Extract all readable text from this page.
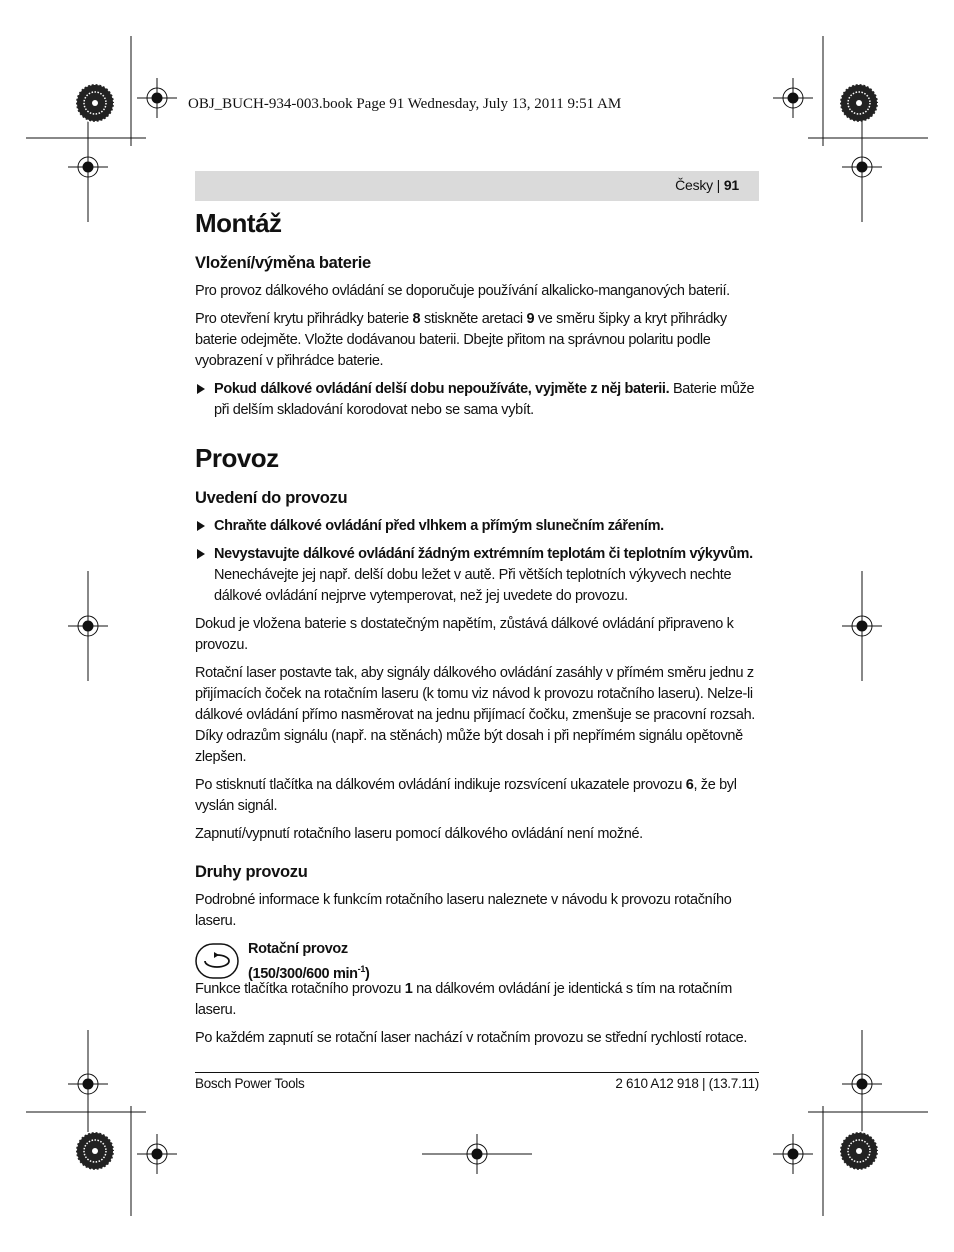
OBJ_BUCH-934-003.book Page 91 Wednesday, July 13, 2011 9:51 AM
Česky | 91
Montáž
Vložení/výměna baterie

Pro provoz dálkového ovládání se doporučuje používání alkalicko-manganových baterií.

Pro otevření krytu přihrádky baterie 8 stiskněte aretaci 9 ve směru šipky a kryt přihrádky baterie odejměte. Vložte dodávanou baterii. Dbejte přitom na správnou polaritu podle vyobrazení v přihrádce baterie.

Pokud dálkové ovládání delší dobu nepoužíváte, vyjměte z něj baterii. Baterie může při delším skladování korodovat nebo se sama vybít.

Provoz
Uvedení do provozu

Chraňte dálkové ovládání před vlhkem a přímým slunečním zářením.

Nevystavujte dálkové ovládání žádným extrémním teplotám či teplotním výkyvům. Nenechávejte jej např. delší dobu ležet v autě. Při větších teplotních výkyvech nechte dálkové ovládání nejprve vytemperovat, než jej uvedete do provozu.

Dokud je vložena baterie s dostatečným napětím, zůstává dálkové ovládání připraveno k provozu.

Rotační laser postavte tak, aby signály dálkového ovládání zasáhly v přímém směru jednu z přijímacích čoček na rotačním laseru (k tomu viz návod k provozu rotačního laseru). Nelze-li dálkové ovládání přímo nasměrovat na jednu přijímací čočku, zmenšuje se pracovní rozsah. Díky odrazům signálu (např. na stěnách) může být dosah i při nepřímém signálu opětovně zlepšen.

Po stisknutí tlačítka na dálkovém ovládání indikuje rozsvícení ukazatele provozu 6, že byl vyslán signál.

Zapnutí/vypnutí rotačního laseru pomocí dálkového ovládání není možné.

Druhy provozu

Podrobné informace k funkcím rotačního laseru naleznete v návodu k provozu rotačního laseru.

Rotační provoz
(150/300/600 $\min^{-1}$)

Funkce tlačítka rotačního provozu 1 na dálkovém ovládání je identická s tím na rotačním laseru.

Po každém zapnutí se rotační laser nachází v rotačním provozu se střední rychlostí rotace.

Bosch Power Tools	2 610 A12 918 | (13.7.11)
